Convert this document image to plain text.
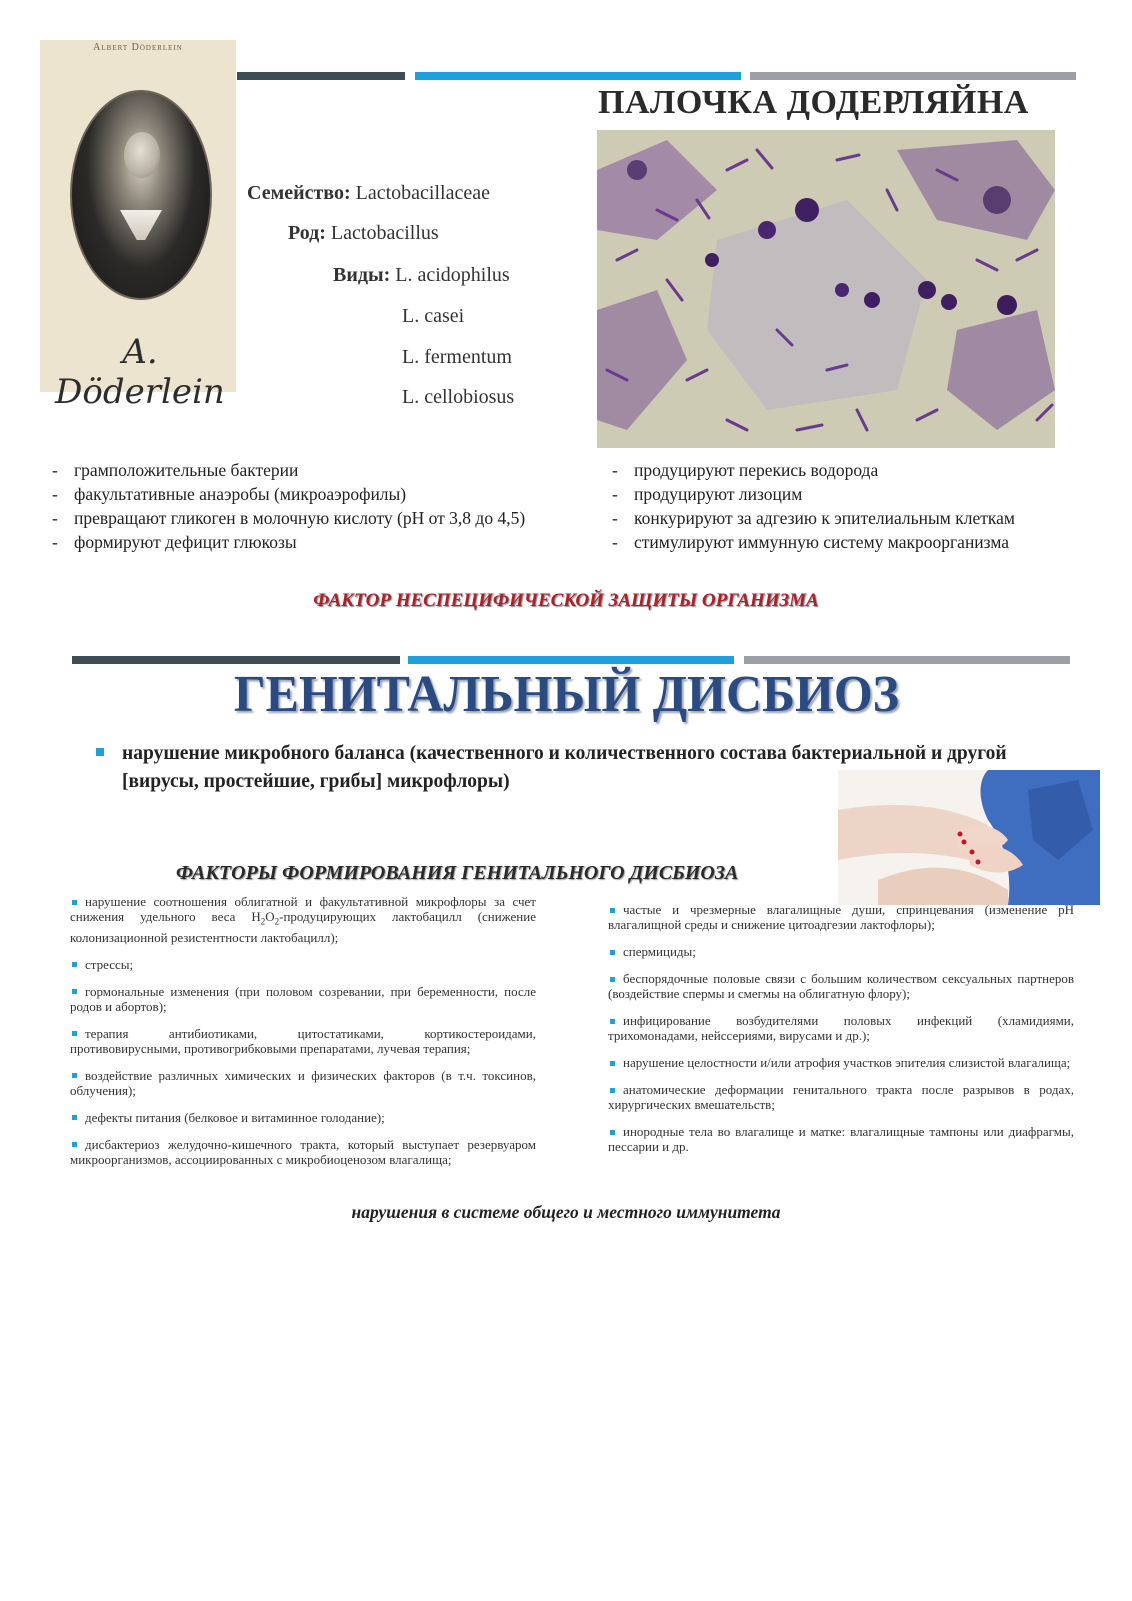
Albert Döderlein
A. Döderlein
ПАЛОЧКА ДОДЕРЛЯЙНА
Семейство: Lactobacillaceae
Род: Lactobacillus
Виды: L. acidophilus
L. casei
L. fermentum
L. cellobiosus
- грамположительные бактерии
- факультативные анаэробы (микроаэрофилы)
- превращают гликоген в молочную кислоту (pH от 3,8 до 4,5)
- формируют дефицит глюкозы
- продуцируют перекись водорода
- продуцируют лизоцим
- конкурируют за адгезию к эпителиальным клеткам
- стимулируют иммунную систему макроорганизма
ФАКТОР НЕСПЕЦИФИЧЕСКОЙ ЗАЩИТЫ ОРГАНИЗМА
ГЕНИТАЛЬНЫЙ ДИСБИОЗ
нарушение микробного баланса (качественного и количественного состава бактериальной и другой [вирусы, простейшие, грибы] микрофлоры)
ФАКТОРЫ ФОРМИРОВАНИЯ ГЕНИТАЛЬНОГО ДИСБИОЗА
нарушение соотношения облигатной и факультативной микрофлоры за счет снижения удельного веса $H_2O_2$-продуцирующих лактобацилл (снижение колонизационной резистентности лактобацилл);
стрессы;
гормональные изменения (при половом созревании, при беременности, после родов и абортов);
терапия антибиотиками, цитостатиками, кортикостероидами, противовирусными, противогрибковыми препаратами, лучевая терапия;
воздействие различных химических и физических факторов (в т.ч. токсинов, облучения);
дефекты питания (белковое и витаминное голодание);
дисбактериоз желудочно-кишечного тракта, который выступает резервуаром микроорганизмов, ассоциированных с микробиоценозом влагалища;
частые и чрезмерные влагалищные души, спринцевания (изменение pH влагалищной среды и снижение цитоадгезии лактофлоры);
спермициды;
беспорядочные половые связи с большим количеством сексуальных партнеров (воздействие спермы и смегмы на облигатную флору);
инфицирование возбудителями половых инфекций (хламидиями, трихомонадами, нейссериями, вирусами и др.);
нарушение целостности и/или атрофия участков эпителия слизистой влагалища;
анатомические деформации генитального тракта после разрывов в родах, хирургических вмешательств;
инородные тела во влагалище и матке: влагалищные тампоны или диафрагмы, пессарии и др.
нарушения в системе общего и местного иммунитета
